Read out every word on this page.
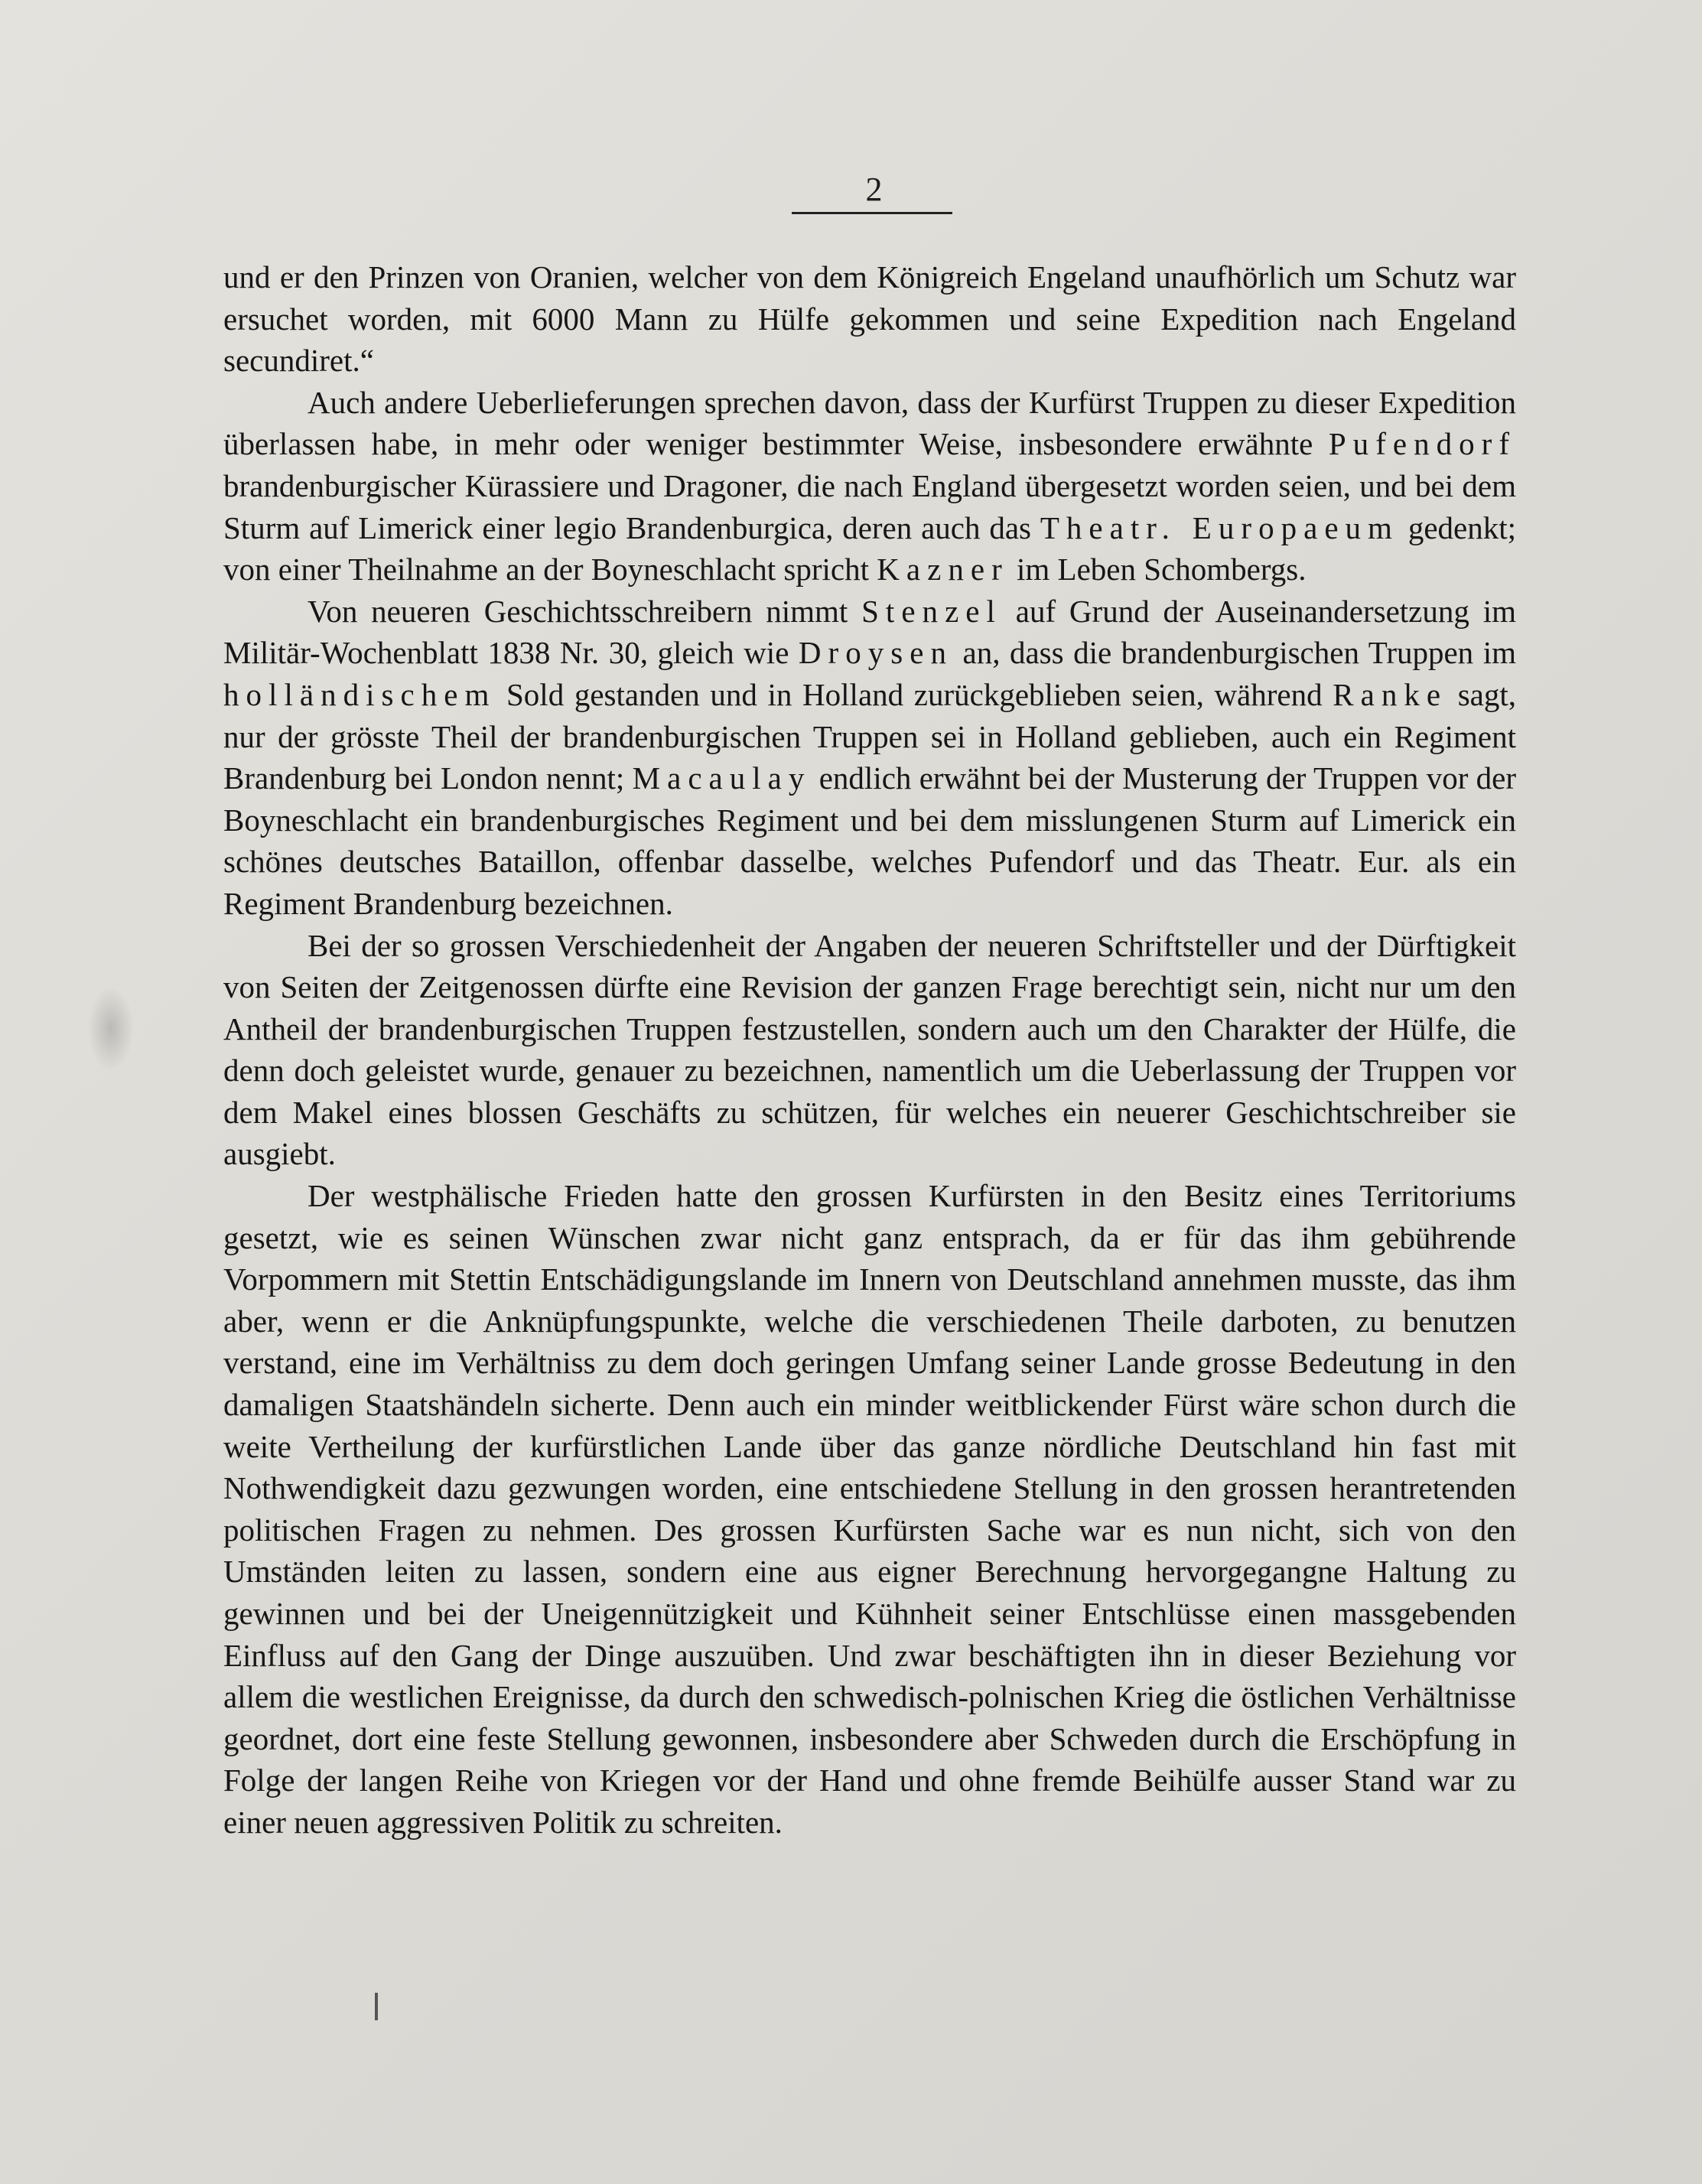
2

und er den Prinzen von Oranien, welcher von dem Königreich Engeland unaufhörlich um Schutz war ersuchet worden, mit 6000 Mann zu Hülfe gekommen und seine Expedition nach Engeland secundiret.“

Auch andere Ueberlieferungen sprechen davon, dass der Kurfürst Truppen zu dieser Expedition überlassen habe, in mehr oder weniger bestimmter Weise, insbesondere erwähnte Pufendorf brandenburgischer Kürassiere und Dragoner, die nach England übergesetzt worden seien, und bei dem Sturm auf Limerick einer legio Brandenburgica, deren auch das Theatr. Europaeum gedenkt; von einer Theilnahme an der Boyneschlacht spricht Kazner im Leben Schombergs.

Von neueren Geschichtsschreibern nimmt Stenzel auf Grund der Auseinandersetzung im Militär-Wochenblatt 1838 Nr. 30, gleich wie Droysen an, dass die brandenburgischen Truppen im holländischem Sold gestanden und in Holland zurückgeblieben seien, während Ranke sagt, nur der grösste Theil der brandenburgischen Truppen sei in Holland geblieben, auch ein Regiment Brandenburg bei London nennt; Macaulay endlich erwähnt bei der Musterung der Truppen vor der Boyneschlacht ein brandenburgisches Regiment und bei dem misslungenen Sturm auf Limerick ein schönes deutsches Bataillon, offenbar dasselbe, welches Pufendorf und das Theatr. Eur. als ein Regiment Brandenburg bezeichnen.

Bei der so grossen Verschiedenheit der Angaben der neueren Schriftsteller und der Dürftigkeit von Seiten der Zeitgenossen dürfte eine Revision der ganzen Frage berechtigt sein, nicht nur um den Antheil der brandenburgischen Truppen festzustellen, sondern auch um den Charakter der Hülfe, die denn doch geleistet wurde, genauer zu bezeichnen, namentlich um die Ueberlassung der Truppen vor dem Makel eines blossen Geschäfts zu schützen, für welches ein neuerer Geschichtschreiber sie ausgiebt.

Der westphälische Frieden hatte den grossen Kurfürsten in den Besitz eines Territoriums gesetzt, wie es seinen Wünschen zwar nicht ganz entsprach, da er für das ihm gebührende Vorpommern mit Stettin Entschädigungslande im Innern von Deutschland annehmen musste, das ihm aber, wenn er die Anknüpfungspunkte, welche die verschiedenen Theile darboten, zu benutzen verstand, eine im Verhältniss zu dem doch geringen Umfang seiner Lande grosse Bedeutung in den damaligen Staatshändeln sicherte. Denn auch ein minder weitblickender Fürst wäre schon durch die weite Vertheilung der kurfürstlichen Lande über das ganze nördliche Deutschland hin fast mit Nothwendigkeit dazu gezwungen worden, eine entschiedene Stellung in den grossen herantretenden politischen Fragen zu nehmen. Des grossen Kurfürsten Sache war es nun nicht, sich von den Umständen leiten zu lassen, sondern eine aus eigner Berechnung hervorgegangne Haltung zu gewinnen und bei der Uneigennützigkeit und Kühnheit seiner Entschlüsse einen massgebenden Einfluss auf den Gang der Dinge auszuüben. Und zwar beschäftigten ihn in dieser Beziehung vor allem die westlichen Ereignisse, da durch den schwedisch-polnischen Krieg die östlichen Verhältnisse geordnet, dort eine feste Stellung gewonnen, insbesondere aber Schweden durch die Erschöpfung in Folge der langen Reihe von Kriegen vor der Hand und ohne fremde Beihülfe ausser Stand war zu einer neuen aggressiven Politik zu schreiten.
